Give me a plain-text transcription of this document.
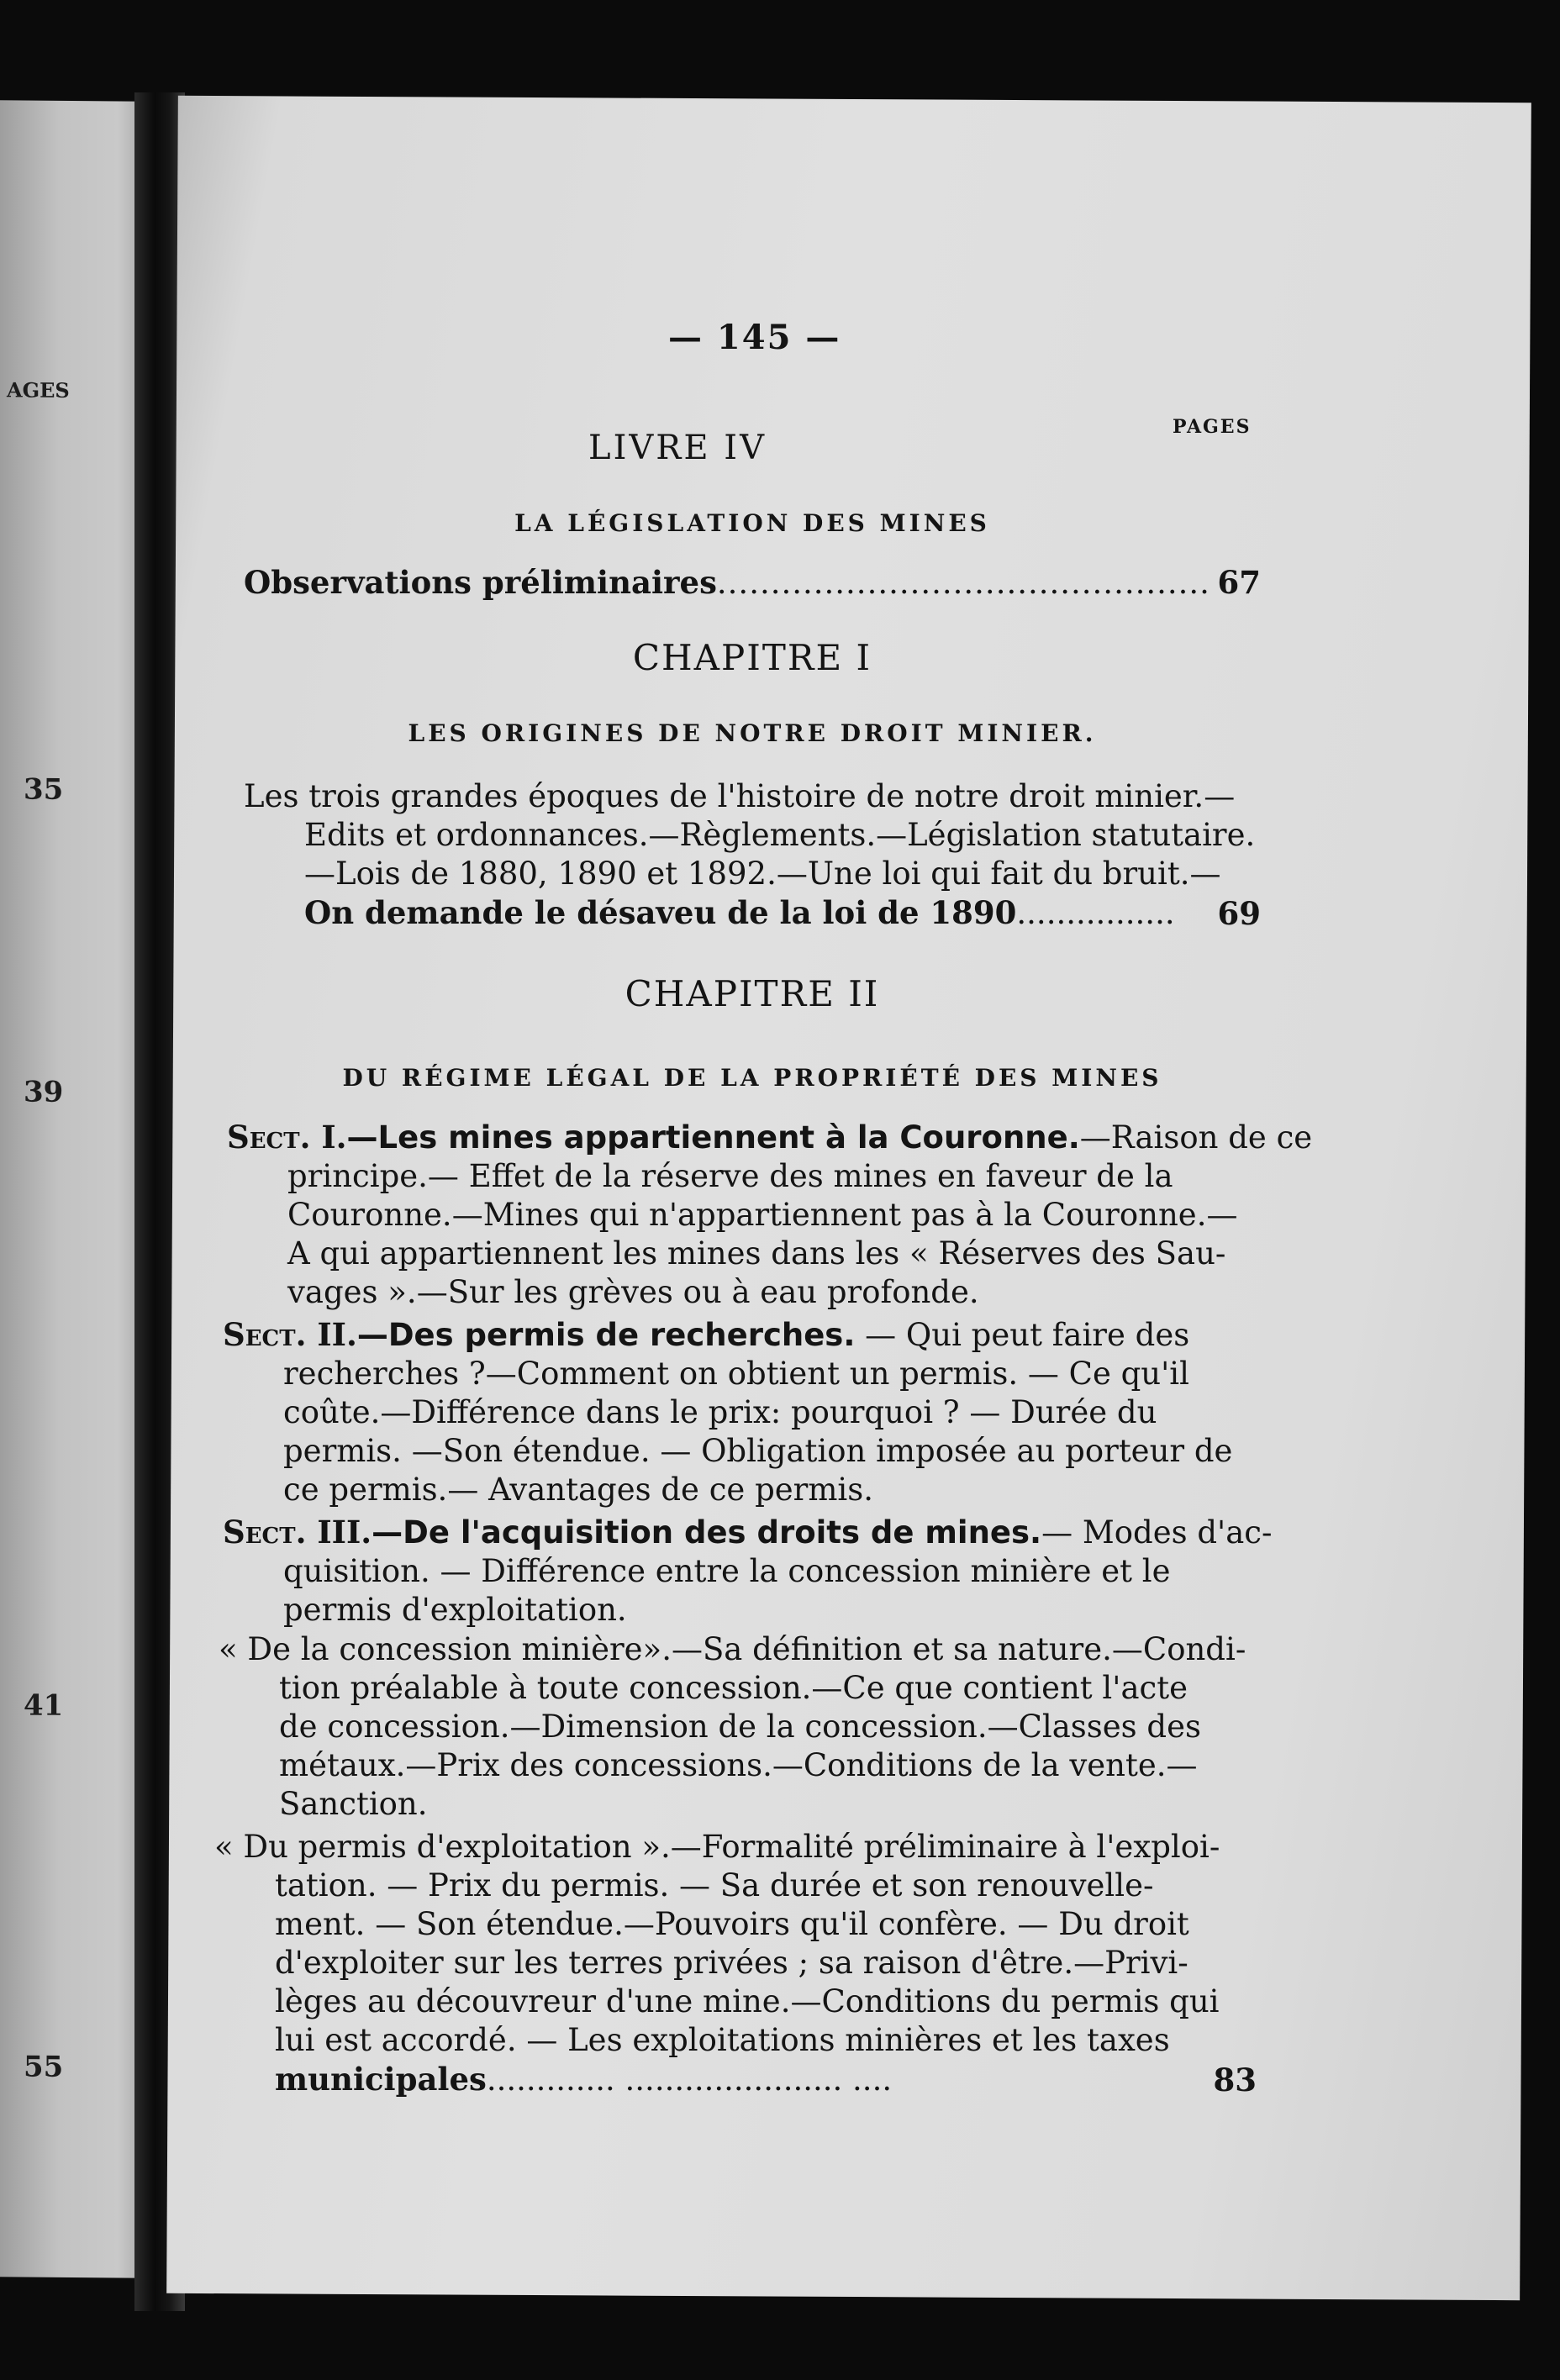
AGES
35
39
41
55
— 145 —
PAGES
LIVRE IV
LA LÉGISLATION DES MINES
Observations préliminaires.............................................. 67
CHAPITRE I
LES ORIGINES DE NOTRE DROIT MINIER.
Les trois grandes époques de l'histoire de notre droit minier.—
Edits et ordonnances.—Règlements.—Législation statutaire.
—Lois de 1880, 1890 et 1892.—Une loi qui fait du bruit.—
On demande le désaveu de la loi de 1890................	69
CHAPITRE II
DU RÉGIME LÉGAL DE LA PROPRIÉTÉ DES MINES
Sect. I.—Les mines appartiennent à la Couronne.—Raison de ce
principe.— Effet de la réserve des mines en faveur de la
Couronne.—Mines qui n'appartiennent pas à la Couronne.—
A qui appartiennent les mines dans les « Réserves des Sau-
vages ».—Sur les grèves ou à eau profonde.
Sect. II.—Des permis de recherches. — Qui peut faire des
recherches ?—Comment on obtient un permis. — Ce qu'il
coûte.—Différence dans le prix: pourquoi ? — Durée du
permis. —Son étendue. — Obligation imposée au porteur de
ce permis.— Avantages de ce permis.
Sect. III.—De l'acquisition des droits de mines.— Modes d'ac-
quisition. — Différence entre la concession minière et le
permis d'exploitation.
« De la concession minière».—Sa définition et sa nature.—Condi-
tion préalable à toute concession.—Ce que contient l'acte
de concession.—Dimension de la concession.—Classes des
métaux.—Prix des concessions.—Conditions de la vente.—
Sanction.
« Du permis d'exploitation ».—Formalité préliminaire à l'exploi-
tation. — Prix du permis. — Sa durée et son renouvelle-
ment. — Son étendue.—Pouvoirs qu'il confère. — Du droit
d'exploiter sur les terres privées ; sa raison d'être.—Privi-
lèges au découvreur d'une mine.—Conditions du permis qui
lui est accordé. — Les exploitations minières et les taxes
municipales............. ...................... ....	83
